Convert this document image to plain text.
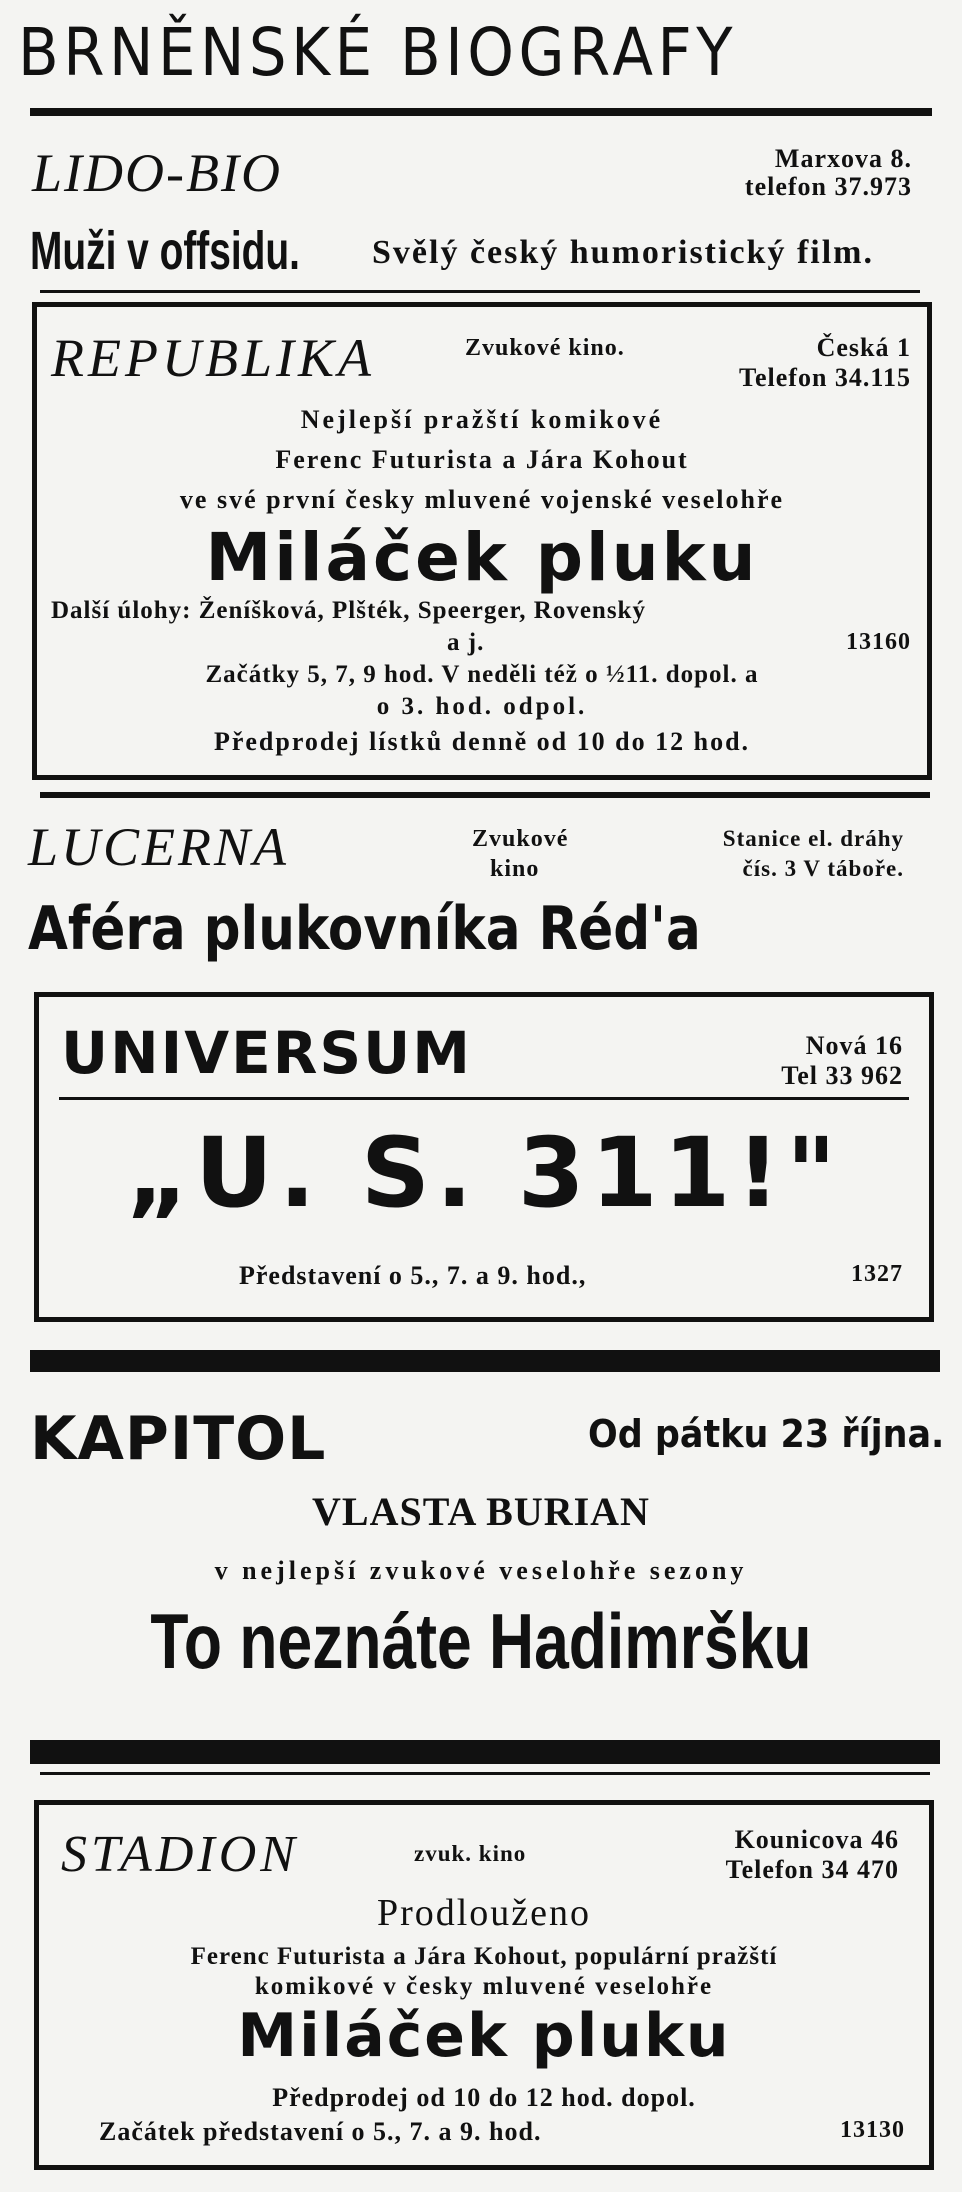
BRNĚNSKÉ BIOGRAFY
LIDO-BIO	Marxova 8.
telefon 37.973
Muži v offsidu. Svělý český humoristický film.
REPUBLIKA	Zvukové kino.	Česká 1
Telefon 34.115
Nejlepší pražští komikové
Ferenc Futurista a Jára Kohout
ve své první česky mluvené vojenské veselohře
Miláček pluku
Další úlohy: Ženíšková, Plšték, Speerger, Rovenský
a j.	13160
Začátky 5, 7, 9 hod. V neděli též o ½11. dopol. a
o 3. hod. odpol.
Předprodej lístků denně od 10 do 12 hod.
LUCERNA	Zvukové
kino
Stanice el. dráhy
čís. 3 V táboře.
Aféra plukovníka Réd'a
UNIVERSUM	Nová 16
Tel 33 962
„U. S. 311!"
Představení o 5., 7. a 9. hod.,	1327
KAPITOL	Od pátku 23 října.
VLASTA BURIAN
v nejlepší zvukové veselohře sezony
To neznáte Hadimršku
STADION	zvuk. kino	Kounicova 46
Telefon 34 470
Prodlouženo
Ferenc Futurista a Jára Kohout, populární pražští
komikové v česky mluvené veselohře
Miláček pluku
Předprodej od 10 do 12 hod. dopol.
Začátek představení o 5., 7. a 9. hod.	13130
